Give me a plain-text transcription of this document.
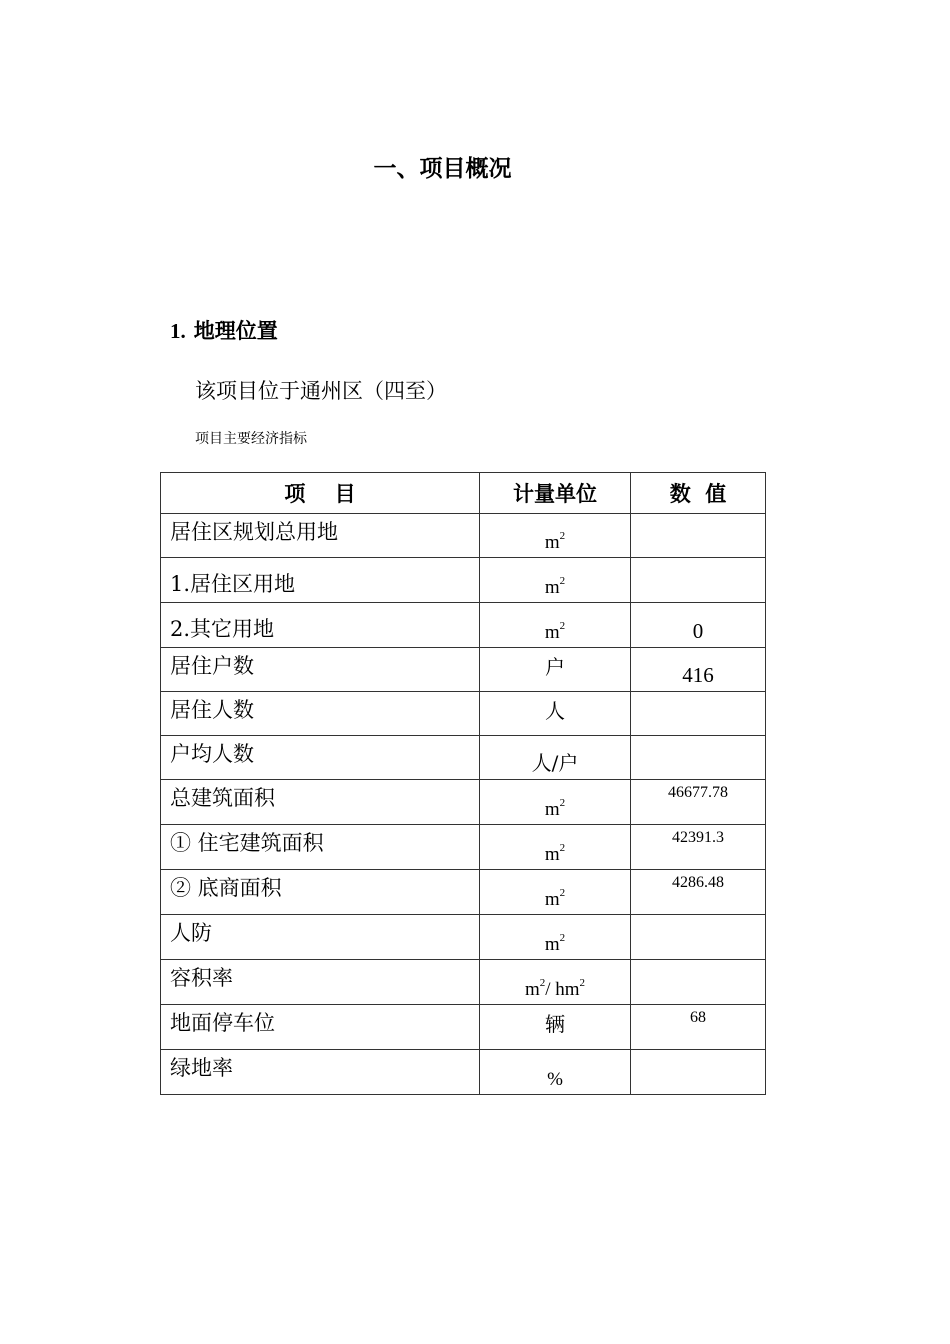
一、项目概况
1. 地理位置
该项目位于通州区（四至）
项目主要经济指标
项    目	计量单位	数  值
居住区规划总用地	$m^2$	
1.居住区用地	$m^2$	
2.其它用地	$m^2$	0
居住户数	户	416
居住人数	人	
户均人数	人/户	
总建筑面积	$m^2$	46677.78
① 住宅建筑面积	$m^2$	42391.3
② 底商面积	$m^2$	4286.48
人防	$m^2$	
容积率	$m^2/$ $hm^2$	
地面停车位	辆	68
绿地率	%	
